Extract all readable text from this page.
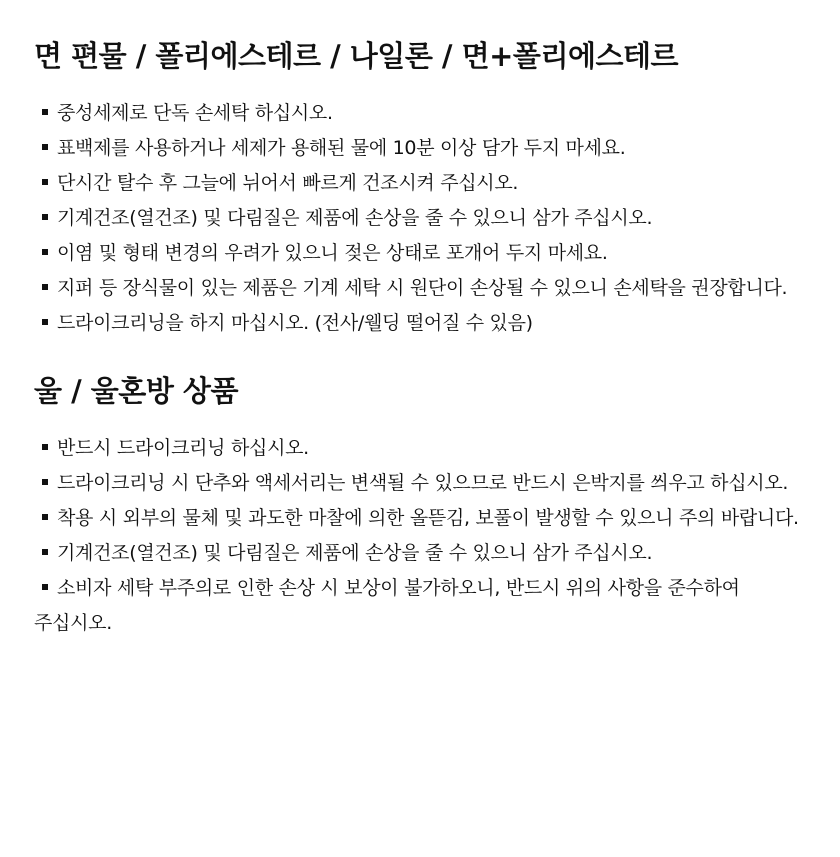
면 편물 / 폴리에스테르 / 나일론 / 면+폴리에스테르
중성세제로 단독 손세탁 하십시오.
표백제를 사용하거나 세제가 용해된 물에 10분 이상 담가 두지 마세요.
단시간 탈수 후 그늘에 뉘어서 빠르게 건조시켜 주십시오.
기계건조(열건조) 및 다림질은 제품에 손상을 줄 수 있으니 삼가 주십시오.
이염 및 형태 변경의 우려가 있으니 젖은 상태로 포개어 두지 마세요.
지퍼 등 장식물이 있는 제품은 기계 세탁 시 원단이 손상될 수 있으니 손세탁을 권장합니다.
드라이크리닝을 하지 마십시오. (전사/웰딩 떨어질 수 있음)
울 / 울혼방 상품
반드시 드라이크리닝 하십시오.
드라이크리닝 시 단추와 액세서리는 변색될 수 있으므로 반드시 은박지를 씌우고 하십시오.
착용 시 외부의 물체 및 과도한 마찰에 의한 올뜯김, 보풀이 발생할 수 있으니 주의 바랍니다.
기계건조(열건조) 및 다림질은 제품에 손상을 줄 수 있으니 삼가 주십시오.
소비자 세탁 부주의로 인한 손상 시 보상이 불가하오니, 반드시 위의 사항을 준수하여 주십시오.
